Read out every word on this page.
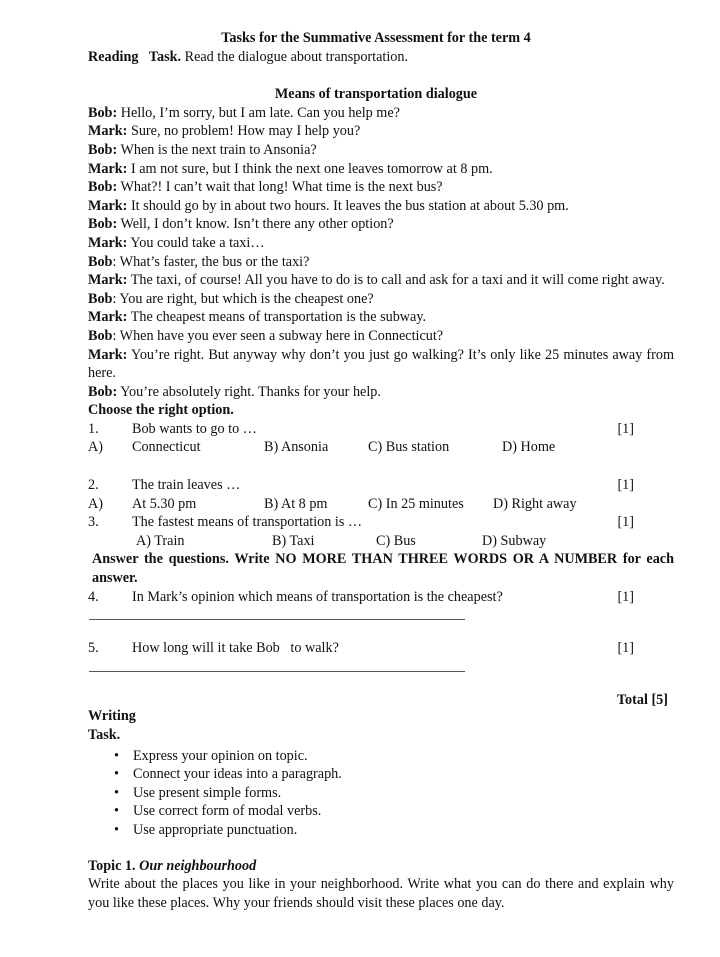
Tasks for the Summative Assessment for the term 4
Reading   Task. Read the dialogue about transportation.
Means of transportation dialogue
Bob: Hello, I’m sorry, but I am late. Can you help me?
Mark: Sure, no problem! How may I help you?
Bob: When is the next train to Ansonia?
Mark: I am not sure, but I think the next one leaves tomorrow at 8 pm.
Bob: What?! I can’t wait that long! What time is the next bus?
Mark: It should go by in about two hours. It leaves the bus station at about 5.30 pm.
Bob: Well, I don’t know. Isn’t there any other option?
Mark: You could take a taxi…
Bob: What’s faster, the bus or the taxi?
Mark: The taxi, of course! All you have to do is to call and ask for a taxi and it will come right away.
Bob: You are right, but which is the cheapest one?
Mark: The cheapest means of transportation is the subway.
Bob: When have you ever seen a subway here in Connecticut?
Mark: You’re right. But anyway why don’t you just go walking? It’s only like 25 minutes away from here.
Bob: You’re absolutely right. Thanks for your help.
Choose the right option.
1.	Bob wants to go to …	[1]
A) Connecticut	B) Ansonia	C) Bus station	D) Home
2.	The train leaves …	[1]
A) At 5.30 pm	B) At 8 pm	C) In 25 minutes D) Right away
3.	The fastest means of transportation is …	[1]
A) Train	B) Taxi	C) Bus	D) Subway
Answer the questions. Write NO MORE THAN THREE WORDS OR A NUMBER for each answer.
4.	In Mark’s opinion which means of transportation is the cheapest?	[1]
5.	How long will it take Bob   to walk?	[1]
Total [5]
Writing
Task.
• Express your opinion on topic.
• Connect your ideas into a paragraph.
• Use present simple forms.
• Use correct form of modal verbs.
• Use appropriate punctuation.
Topic 1. Our neighbourhood
Write about the places you like in your neighborhood. Write what you can do there and explain why you like these places. Why your friends should visit these places one day.
